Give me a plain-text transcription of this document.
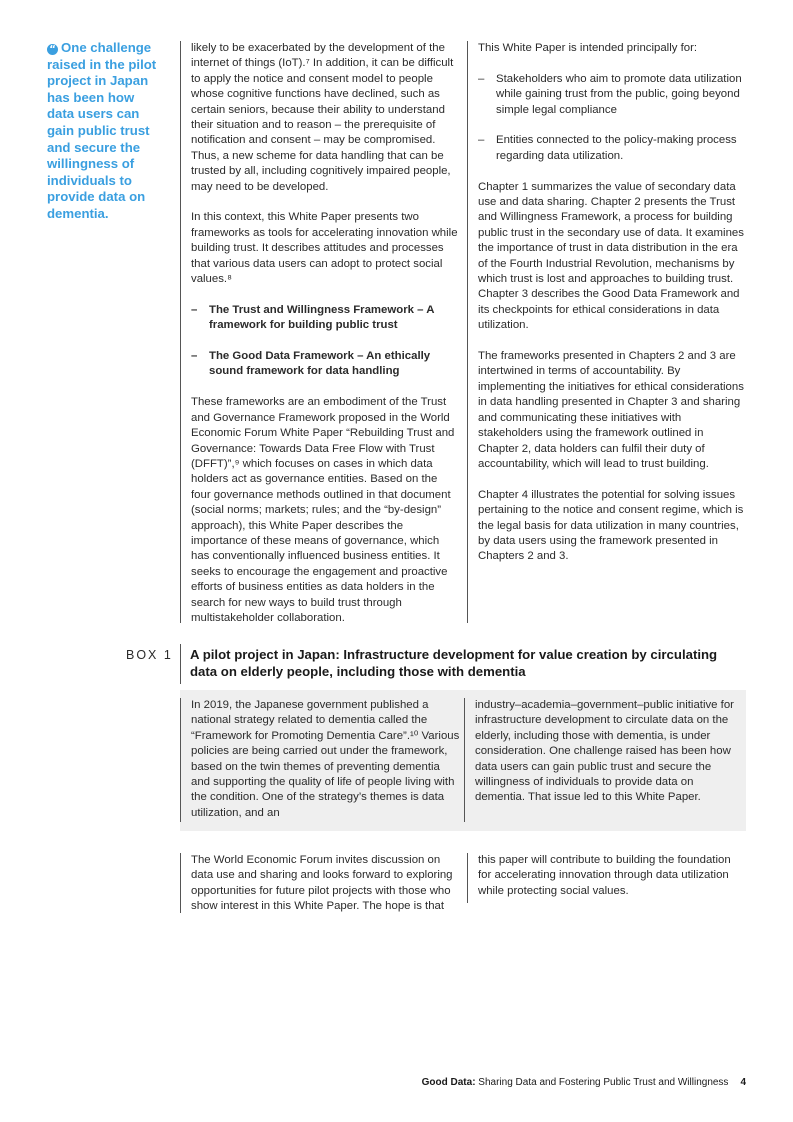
“ One challenge raised in the pilot project in Japan has been how data users can gain public trust and secure the willingness of individuals to provide data on dementia.

likely to be exacerbated by the development of the internet of things (IoT).⁷ In addition, it can be difficult to apply the notice and consent model to people whose cognitive functions have declined, such as certain seniors, because their ability to understand their situation and to reason – the prerequisite of notification and consent – may be compromised. Thus, a new scheme for data handling that can be trusted by all, including cognitively impaired people, may need to be developed.

In this context, this White Paper presents two frameworks as tools for accelerating innovation while building trust. It describes attitudes and processes that various data users can adopt to protect social values.⁸

– The Trust and Willingness Framework – A framework for building public trust
– The Good Data Framework – An ethically sound framework for data handling

These frameworks are an embodiment of the Trust and Governance Framework proposed in the World Economic Forum White Paper “Rebuilding Trust and Governance: Towards Data Free Flow with Trust (DFFT)”,⁹ which focuses on cases in which data holders act as governance entities. Based on the four governance methods outlined in that document (social norms; markets; rules; and the “by-design” approach), this White Paper describes the importance of these means of governance, which has conventionally influenced business entities. It seeks to encourage the engagement and proactive efforts of business entities as data holders in the search for new ways to build trust through multistakeholder collaboration.

This White Paper is intended principally for:

– Stakeholders who aim to promote data utilization while gaining trust from the public, going beyond simple legal compliance
– Entities connected to the policy-making process regarding data utilization.

Chapter 1 summarizes the value of secondary data use and data sharing. Chapter 2 presents the Trust and Willingness Framework, a process for building public trust in the secondary use of data. It examines the importance of trust in data distribution in the era of the Fourth Industrial Revolution, mechanisms by which trust is lost and approaches to building trust. Chapter 3 describes the Good Data Framework and its checkpoints for ethical considerations in data utilization.

The frameworks presented in Chapters 2 and 3 are intertwined in terms of accountability. By implementing the initiatives for ethical considerations in data handling presented in Chapter 3 and sharing and communicating these initiatives with stakeholders using the framework outlined in Chapter 2, data holders can fulfil their duty of accountability, which will lead to trust building.

Chapter 4 illustrates the potential for solving issues pertaining to the notice and consent regime, which is the legal basis for data utilization in many countries, by data users using the framework presented in Chapters 2 and 3.

BOX 1 A pilot project in Japan: Infrastructure development for value creation by circulating data on elderly people, including those with dementia

In 2019, the Japanese government published a national strategy related to dementia called the “Framework for Promoting Dementia Care”.¹⁰ Various policies are being carried out under the framework, based on the twin themes of preventing dementia and supporting the quality of life of people living with the condition. One of the strategy’s themes is data utilization, and an

industry–academia–government–public initiative for infrastructure development to circulate data on the elderly, including those with dementia, is under consideration. One challenge raised has been how data users can gain public trust and secure the willingness of individuals to provide data on dementia. That issue led to this White Paper.

The World Economic Forum invites discussion on data use and sharing and looks forward to exploring opportunities for future pilot projects with those who show interest in this White Paper. The hope is that

this paper will contribute to building the foundation for accelerating innovation through data utilization while protecting social values.

Good Data: Sharing Data and Fostering Public Trust and Willingness 4
